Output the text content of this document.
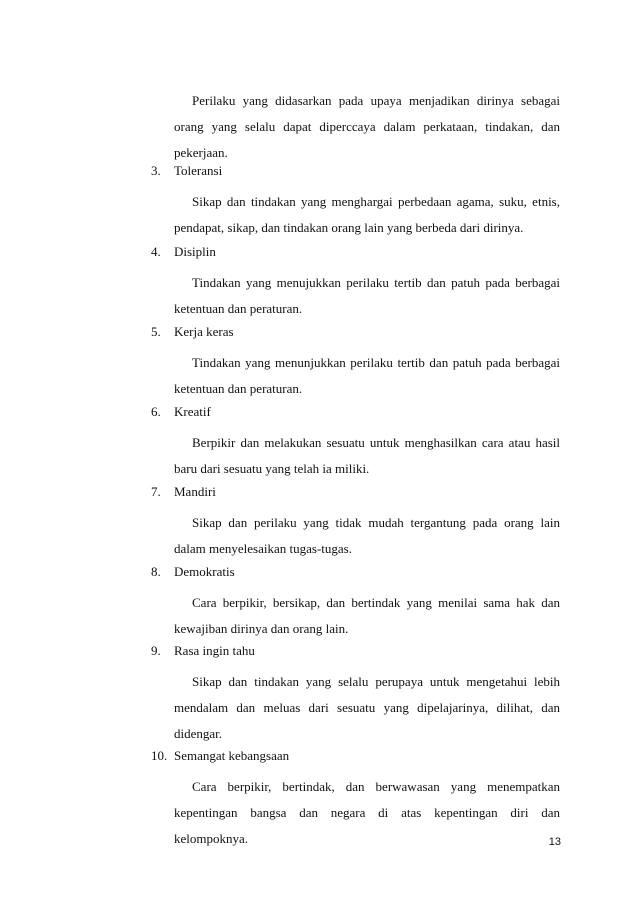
Perilaku yang didasarkan pada upaya menjadikan dirinya sebagai orang yang selalu dapat diperccaya dalam perkataan, tindakan, dan pekerjaan.

3. Toleransi

Sikap dan tindakan yang menghargai perbedaan agama, suku, etnis, pendapat, sikap, dan tindakan orang lain yang berbeda dari dirinya.

4. Disiplin

Tindakan yang menujukkan perilaku tertib dan patuh pada berbagai ketentuan dan peraturan.

5. Kerja keras

Tindakan yang menunjukkan perilaku tertib dan patuh pada berbagai ketentuan dan peraturan.

6. Kreatif

Berpikir dan melakukan sesuatu untuk menghasilkan cara atau hasil baru dari sesuatu yang telah ia miliki.

7. Mandiri

Sikap dan perilaku yang tidak mudah tergantung pada orang lain dalam menyelesaikan tugas-tugas.

8. Demokratis

Cara berpikir, bersikap, dan bertindak yang menilai sama hak dan kewajiban dirinya dan orang lain.

9. Rasa ingin tahu

Sikap dan tindakan yang selalu perupaya untuk mengetahui lebih mendalam dan meluas dari sesuatu yang dipelajarinya, dilihat, dan didengar.

10. Semangat kebangsaan

Cara berpikir, bertindak, dan berwawasan yang menempatkan kepentingan bangsa dan negara di atas kepentingan diri dan kelompoknya.	13
